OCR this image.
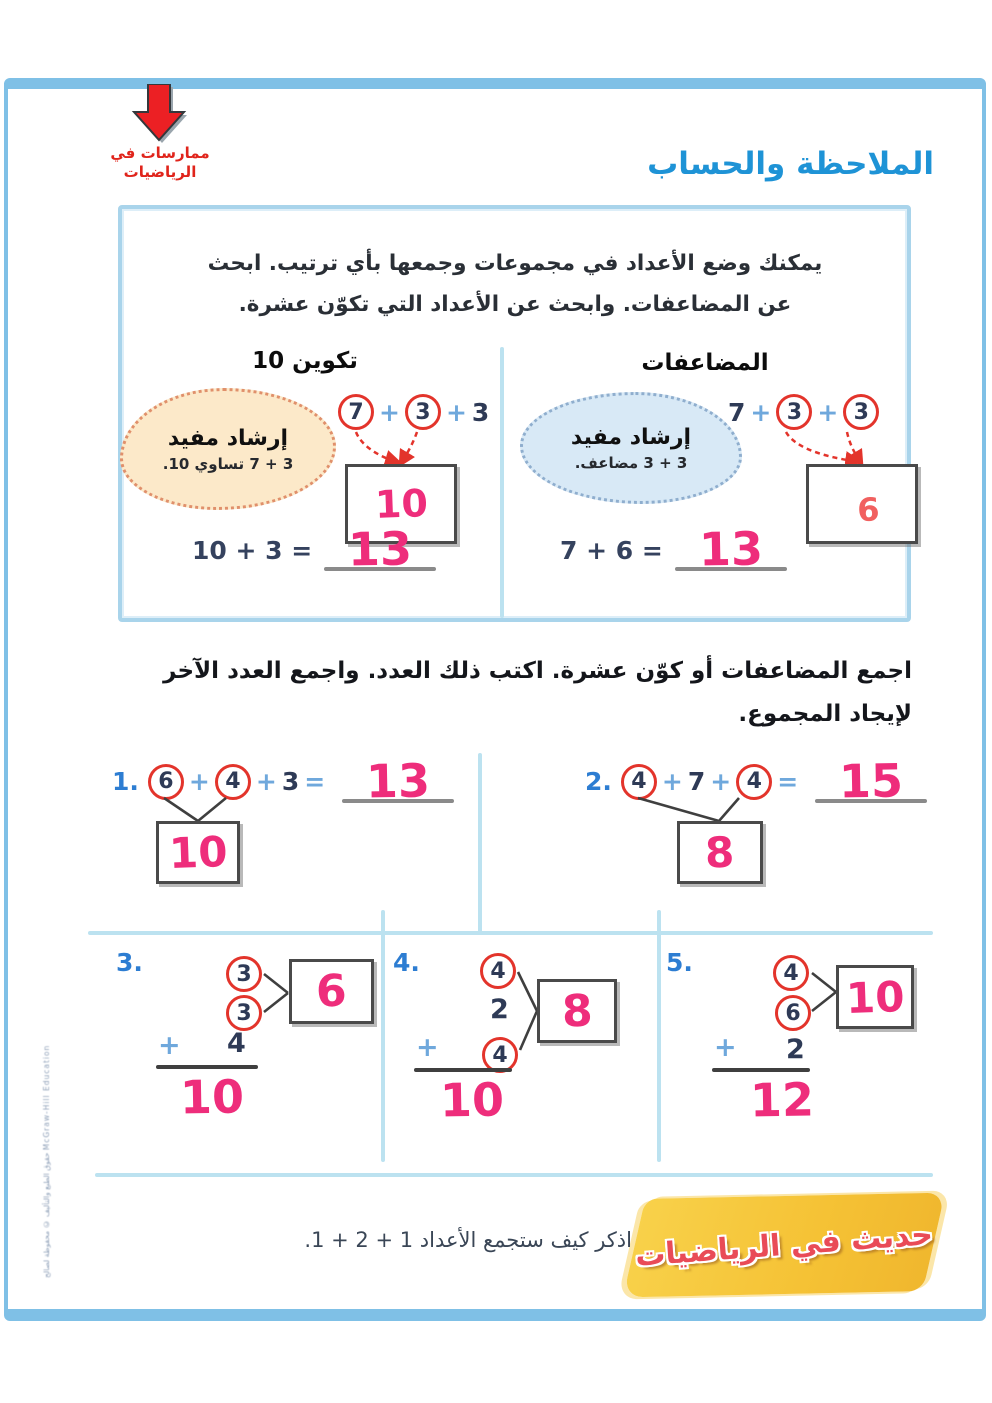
ممارسات في
الرياضيات	الملاحظة والحساب
يمكنك وضع الأعداد في مجموعات وجمعها بأي ترتيب. ابحث
عن المضاعفات. وابحث عن الأعداد التي تكوّن عشرة.
تكوين 10	المضاعفات
7 + 3 + 3
10
إرشاد مفيد
3 + 7 تساوي 10.
10 + 3 = 13
7 + 3 + 3
6
إرشاد مفيد
3 + 3 مضاعف.
7 + 6 = 13
اجمع المضاعفات أو كوّن عشرة. اكتب ذلك العدد. واجمع العدد الآخر
لإيجاد المجموع.
1. 6 + 4 + 3 = 13
10
2. 4 + 7 + 4 = 15
8
3.	3
3 6
+ 4
10
4.	4
2
4
8
+
10
5.	4
6 10
+ 2
12
حديث في الرياضيات
اذكر كيف ستجمع الأعداد 1 + 2 + 1.
حقوق الطبع والتأليف © محفوظة لصالح McGraw-Hill Education
